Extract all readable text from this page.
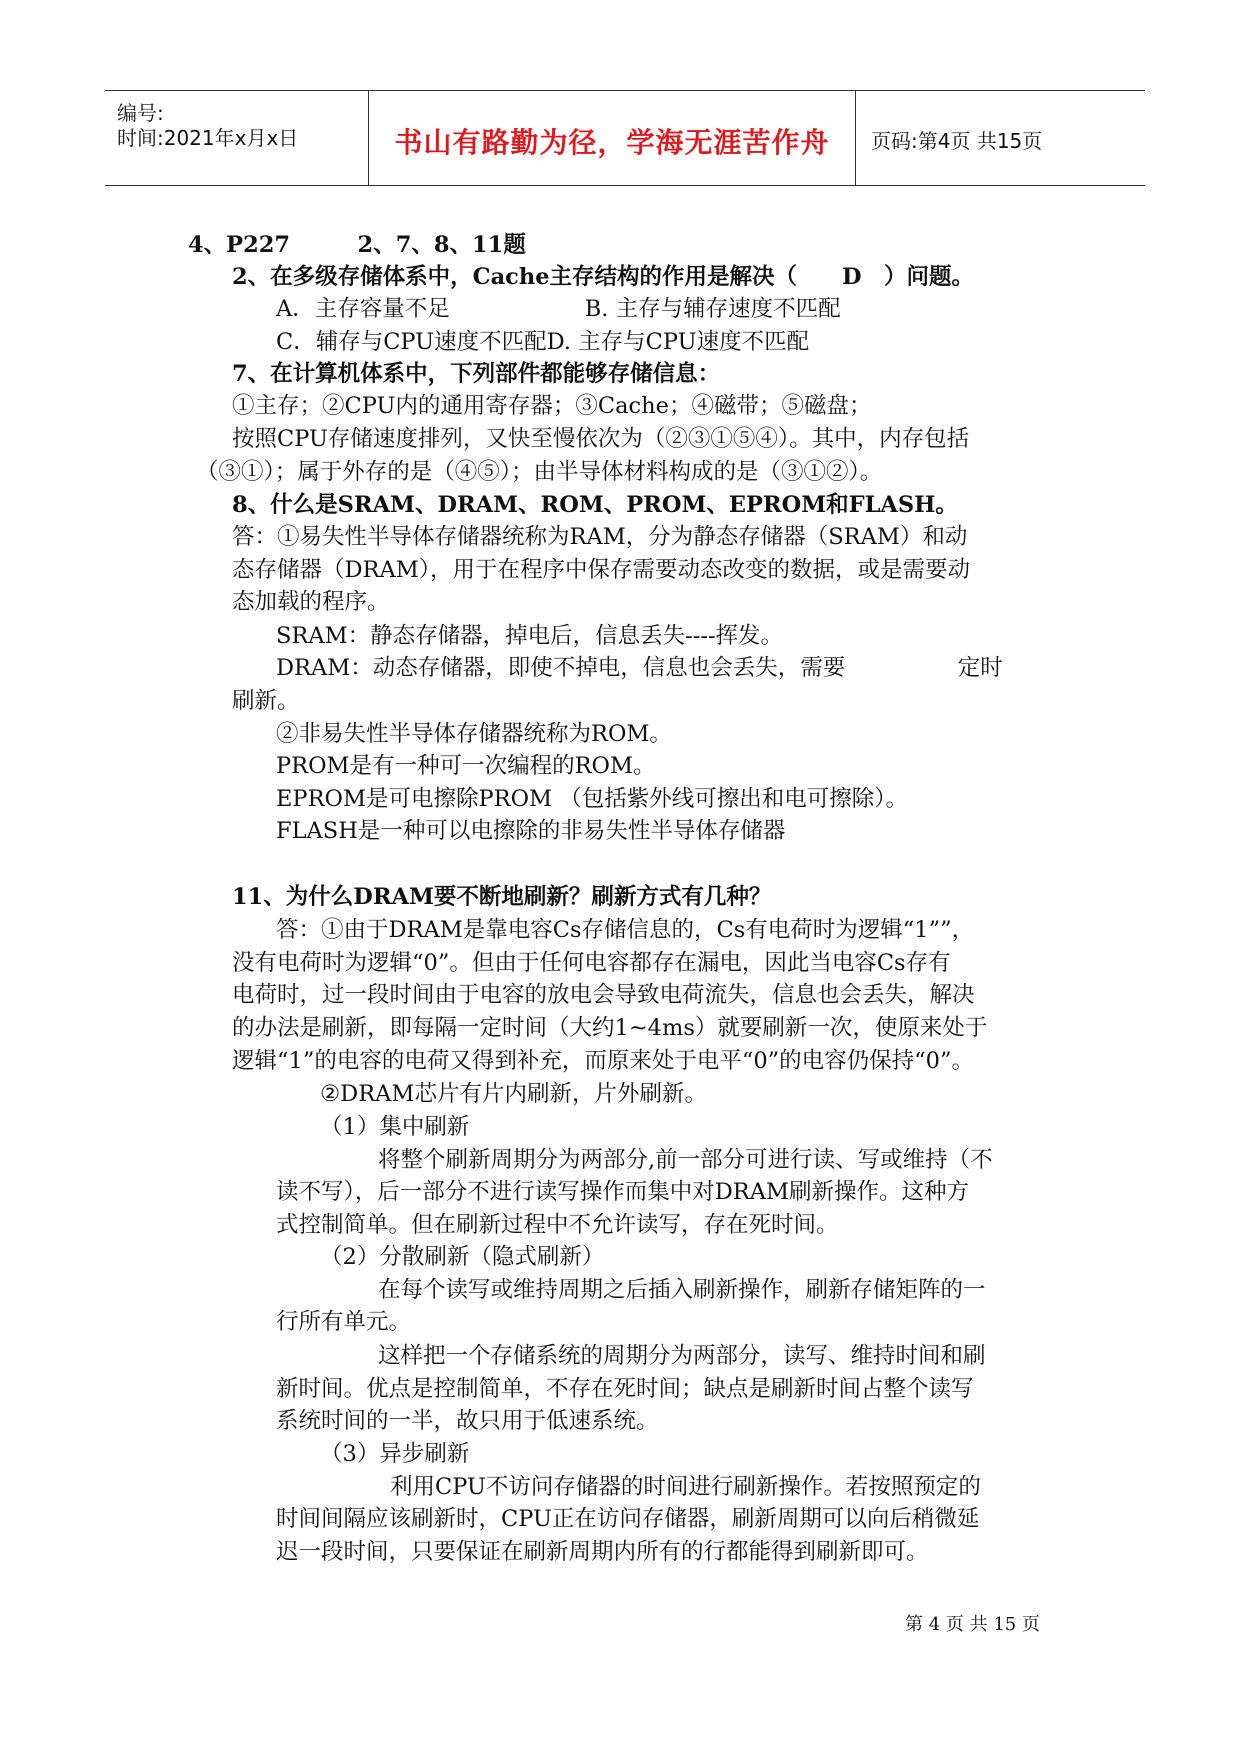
编号:
时间:2021年x月x日	书山有路勤为径，学海无涯苦作舟	页码:第4页 共15页
4、P227　　　2、7、8、11题
2、在多级存储体系中，Cache主存结构的作用是解决（　　D　）问题。
A．主存容量不足　　　　　　B. 主存与辅存速度不匹配
C．辅存与CPU速度不匹配D. 主存与CPU速度不匹配
7、在计算机体系中，下列部件都能够存储信息：
①主存；②CPU内的通用寄存器；③Cache；④磁带；⑤磁盘；
按照CPU存储速度排列，又快至慢依次为（②③①⑤④）。其中，内存包括
（③①）；属于外存的是（④⑤）；由半导体材料构成的是（③①②）。
8、什么是SRAM、DRAM、ROM、PROM、EPROM和FLASH。
答：①易失性半导体存储器统称为RAM，分为静态存储器（SRAM）和动
态存储器（DRAM），用于在程序中保存需要动态改变的数据，或是需要动
态加载的程序。
SRAM：静态存储器，掉电后，信息丢失----挥发。
DRAM：动态存储器，即使不掉电，信息也会丢失，需要　　　　　定时
刷新。
②非易失性半导体存储器统称为ROM。
PROM是有一种可一次编程的ROM。
EPROM是可电擦除PROM （包括紫外线可擦出和电可擦除）。
FLASH是一种可以电擦除的非易失性半导体存储器
11、为什么DRAM要不断地刷新？刷新方式有几种？
答：①由于DRAM是靠电容Cs存储信息的，Cs有电荷时为逻辑“1””，
没有电荷时为逻辑“0”。但由于任何电容都存在漏电，因此当电容Cs存有
电荷时，过一段时间由于电容的放电会导致电荷流失，信息也会丢失，解决
的办法是刷新，即每隔一定时间（大约1~4ms）就要刷新一次，使原来处于
逻辑“1”的电容的电荷又得到补充，而原来处于电平“0”的电容仍保持“0”。
②DRAM芯片有片内刷新，片外刷新。
（1）集中刷新
将整个刷新周期分为两部分,前一部分可进行读、写或维持（不
读不写），后一部分不进行读写操作而集中对DRAM刷新操作。这种方
式控制简单。但在刷新过程中不允许读写，存在死时间。
（2）分散刷新（隐式刷新）
在每个读写或维持周期之后插入刷新操作，刷新存储矩阵的一
行所有单元。
这样把一个存储系统的周期分为两部分，读写、维持时间和刷
新时间。优点是控制简单，不存在死时间；缺点是刷新时间占整个读写
系统时间的一半，故只用于低速系统。
（3）异步刷新
利用CPU不访问存储器的时间进行刷新操作。若按照预定的
时间间隔应该刷新时，CPU正在访问存储器，刷新周期可以向后稍微延
迟一段时间，只要保证在刷新周期内所有的行都能得到刷新即可。
第 4 页 共 15 页
